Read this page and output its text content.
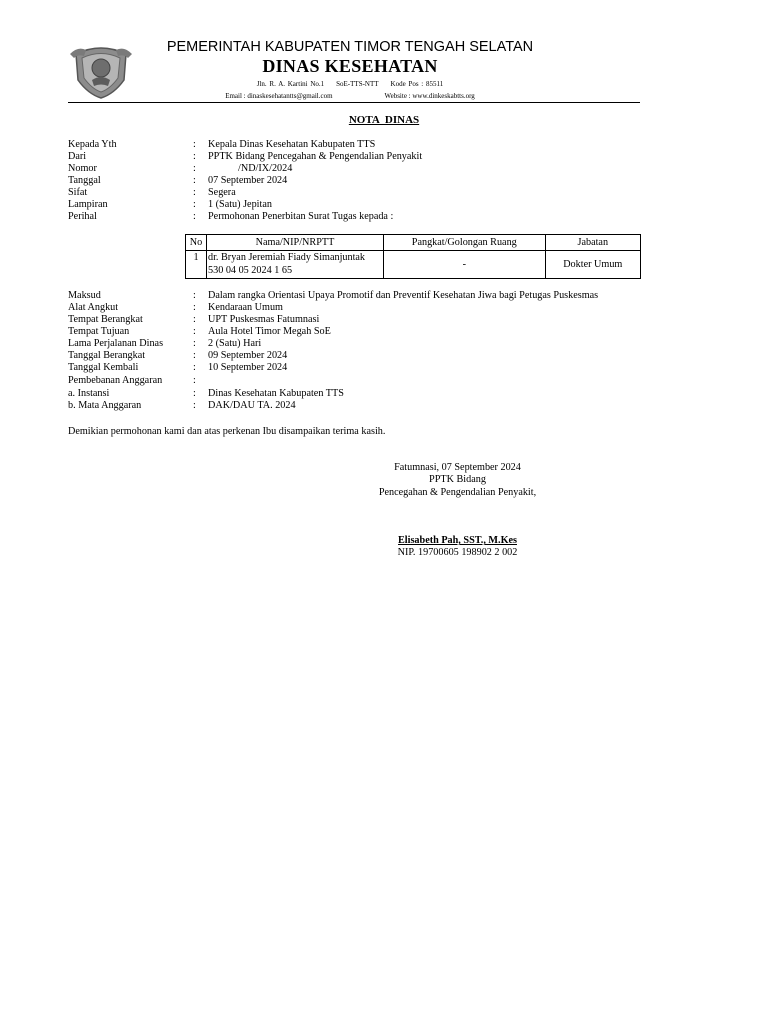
PEMERINTAH KABUPATEN TIMOR TENGAH SELATAN
DINAS KESEHATAN
Jln. R. A. Kartini No.1 SoE-TTS-NTT Kode Pos : 85511
Email : dinaskesehatantts@gmail.com	Website : www.dinkeskabtts.org
NOTA DINAS
Kepada Yth	: Kepala Dinas Kesehatan Kabupaten TTS
Dari	: PPTK Bidang Pencegahan & Pengendalian Penyakit
Nomor	:	/ND/IX/2024
Tanggal	: 07 September 2024
Sifat	: Segera
Lampiran	: 1 (Satu) Jepitan
Perihal	: Permohonan Penerbitan Surat Tugas kepada :
No	Nama/NIP/NRPTT	Pangkat/Golongan Ruang	Jabatan
1	dr. Bryan Jeremiah Fiady Simanjuntak
530 04 05 2024 1 65	-	Dokter Umum
Maksud	: Dalam rangka Orientasi Upaya Promotif dan Preventif Kesehatan Jiwa bagi Petugas Puskesmas
Alat Angkut	: Kendaraan Umum
Tempat Berangkat	: UPT Puskesmas Fatumnasi
Tempat Tujuan	: Aula Hotel Timor Megah SoE
Lama Perjalanan Dinas	: 2 (Satu) Hari
Tanggal Berangkat	: 09 September 2024
Tanggal Kembali	: 10 September 2024
Pembebanan Anggaran	:
a. Instansi	: Dinas Kesehatan Kabupaten TTS
b. Mata Anggaran	: DAK/DAU TA. 2024
Demikian permohonan kami dan atas perkenan Ibu disampaikan terima kasih.
Fatumnasi, 07 September 2024
PPTK Bidang
Pencegahan & Pengendalian Penyakit,
Elisabeth Pah, SST., M.Kes
NIP. 19700605 198902 2 002
